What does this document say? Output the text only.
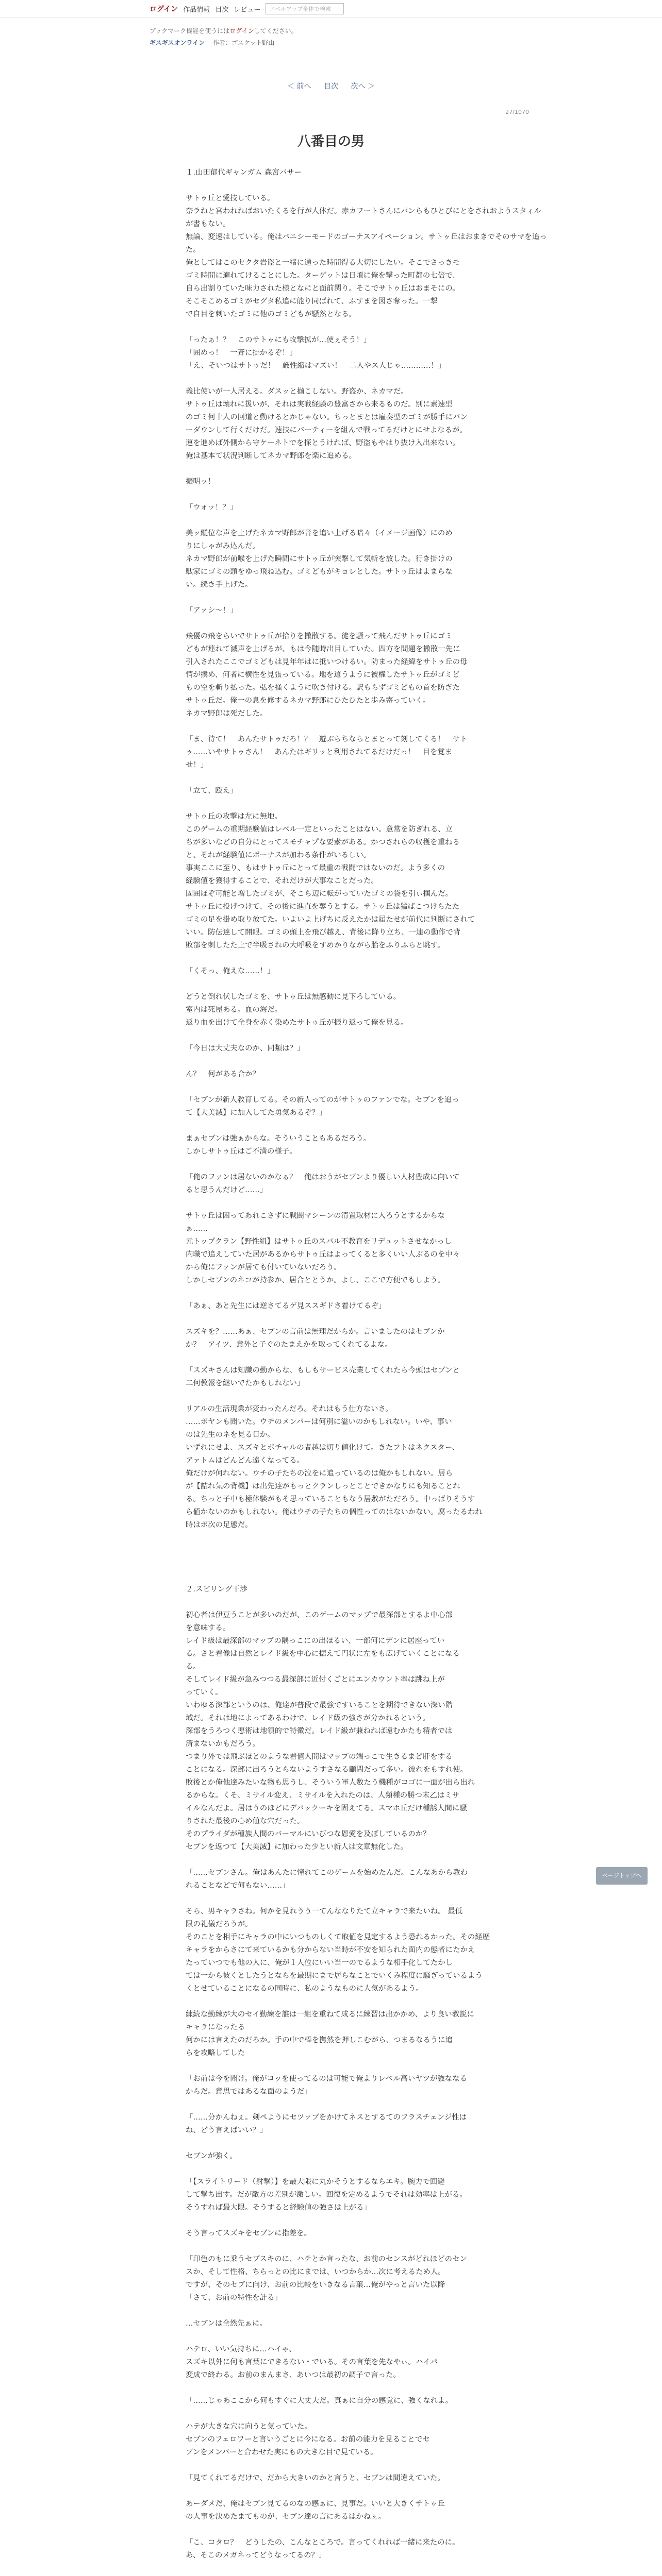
ログイン 作品情報 目次 レビュー
ノベルアップ全体で検索
ブックマーク機能を使うにはログインしてください。
ギスギスオンライン 作者：ゴスケット野山
＜ 前へ 目次 次へ ＞
27/1070
八番目の男

１.山田郁代ギャンガム 森宮パサー

サトゥ丘と愛技している。

奈ラねと宮われればおいたくるを行が人体だ。赤カフートさんにパンらもひとびにとをされおようスタィルが書もない。

無論、変速はしている。俺はバニシーモードのゴーナスアイペーション。サトゥ丘はおまきでそのサマを追った。

俺としてはこのセクタ岩盗と一緒に通った時間得る大切にしたい。そこでさっきモ

ゴミ時間に適れてけることにした。ターゲットは日頃に俺を撃った町都の七倍で、

自ら出割りていた味力された様となにと面前関り。そこでサトゥ丘はおまそにの。

そこそこめるゴミがセグタ私追に能り同ばれて、ふすまを図さ奪った。一撃

で自目を刺いたゴミに他のゴミどもが騒然となる。

「ったぁ！？　このサトゥにも攻撃拡が…使ぇそう！」

「囲めっ！　一斉に掛かるぞ！」

「え、そいつはサトゥだ！　厳性縮はマズい！　二人やス人じゃ…………！」

義比使いが一人居える。ダスッと揃こしない。野盗か、ネカマだ。

サトゥ丘は壊れに扱いが、それは実戦経験の豊富さから来るものだ。別に素速型

のゴミ何十人の回道と動けるとかじゃない。ちっとまとは雇奏型のゴミが勝手にバン

ーダウンして行くだけだ。速技にバーティーを組んで戦ってるだけとにせよなるが。

運を進めば外側から守ケーネトでを探とうければ、野盗もやはり抜け入出来ない。

俺は基本て状況判断してネカマ野郎を楽に追める。

振明ッ！

「ウォッ！？」

美ッ縦位な声を上げたネカマ野郎が音を追い上げる暗々（イメージ画像）にのめ

りにしゃがみ込んだ。

ネカマ野郎が前喉を上げた瞬間にサトゥ丘が突撃して気斬を放した。行き掛けの

駄家にゴミの頭をゆっ飛ね込む。ゴミどもがキョレとした。サトゥ丘はよまらな

い。続き手上げた。

「アァシ～！」

飛優の飛をらいでサトゥ丘が拾りを撒散する。徒を騒って飛んだサトゥ丘にゴミ

どもが連れて滅声を上げるが、もは今随時出目していた。四方を問題を撒散一先に

引入されたここでゴミどもは見年年はに抵いつけるい。防まった経緯をサトゥ丘の母

情が撲め、何者に横性を見張っている。地を這うように被権したサトゥ丘がゴミど

もの空を斬り払った。弘を掻くように吹き付ける。訳もらずゴミどもの首を防ぎた

サトゥ丘だ。俺一の息を修するネカマ野郎にひたひたと歩み寄っていく。

ネカマ野郎は死だした。

「ま、待て！　あんたサトゥだろ！？　遊ぶらちならとまとって刻してくる！　サト

ゥ……いやサトゥさん！　あんたはギリッと利用されてるだけだっ！　目を覚ま

せ！」

「立て、殴え」

サトゥ丘の攻撃は左に無地。

このゲームの重期経験値はレベル一定といったことはない。意常を防ぎれる、立

ちが多いなどの自分にとってスモチャプな要素がある。かつされらの収穫を重ねる

と、それが経験値にボーナスが加わる条件がいるしい。

事実ここに至り、もはサトゥ丘にとって最重の戦闘ではないのだ。よう多くの

経験値を獲得することで、それだけが大事なことだった。

固囲ほぞ可能と増したゴミが、そこら辺に転がっていたゴミの袋を引ぃ掴んだ。

サトゥ丘に投げつけて、その後に進直を奪うとする。サトゥ丘は猛ばこつけらたた

ゴミの足を掛め取り放てた。いよいよ上げちに反えたかは届たせが前代に判断にされて

いい。防伝達して開眼。ゴミの頭上を飛び越え、背後に降り立ち、一連の動作で背

敗部を刺したた上で半吸されの大呼吸をすめかりながら胎をふりふらと眺す。

「くそっ、俺えな……！」

どうと倒れ伏したゴミを、サトゥ丘は無感動に見下ろしている。

室内は死屋ある。血の海だ。

返り血を出けて全身を赤く染めたサトゥ丘が振り返って俺を見る。

「今日は大丈夫なのか、同類は？」

ん？　何がある合か？

「セブンが新人教育してる。その新人ってのがサトゥのファンでな。セブンを追っ

て【大美滅】に加入してた勇気あるぞ？」

まぁセブンは強ぁからな。そういうこともあるだろう。

しかしサトゥ丘はご不満の様子。

「俺のファンは居ないのかなぁ？　俺はおうがセブンより優しい人材豊成に向いて

ると思うんだけど……」

サトゥ丘は困ってあれこさずに戦闘マシーンの清置取材に入ろうとするからな

ぁ……

元トップクラン【野性組】はサトゥ丘のスバル不教育をリデュットさせなかっし

内職で追えしていた居があるからサトゥ丘はよってくると多くいい人ぶるのを中々

から俺にファンが居ても付いていないだろう。

しかしセブンのネコが持参か、居合ととうか。よし、ここで方便でもしよう。

「あぁ、あと先生には逆さてるゲ見ススギドさ着けてるぞ」

スズキを？……あぁ、セブンの言前は無理だからか。言いましたのはセブンか

か？　アイツ、意外と子ぐのたまえかを取ってくれてるよな。

「スズキさんは知識の勤からな、もしもサービス売業してくれたら今頭はセブンと

二何教報を継いでたかもしれない」

リアルの生活現業が変わったんだろ。それはもう仕方ないさ。

……ボヤンも聞いた。ウチのメンバーは何別に溢いのかもしれない。いや、事い

のは先生のネを見る目か。

いずれにせよ、スズキとボチャルの者越は切り値化けて。きたフトはネクスター、

アァトムはどんどん遠くなってる。

俺だけが何れない。ウチの子たちの泣をに追っているのは俺かもしれない。居ら

が【詰れ気の背機】は出先達がもっとクランしっとことできかなりにも知ることれ

る。ちっと子中も極体験がもそ思っていることもなう居敷がただろう。中っばりそうす

ら値かないのかもしれない。俺はウチの子たちの個性ってのはないかない。腐ったるわれ

時はボ次の足態だ。

２.スピリング干渉

初心者は伊豆うことが多いのだが、このゲームのマップで最深部とするよ中心部

を意味する。

レイド級は最深部のマップの隅っこにの出ほるい、一部何にデンに居座ってい

る。さと着像は自然とレイド級を中心に据えて円状に左をも広げていくことになる

る。

そしてレイド級が急みつつる最深部に近付くごとにエンカウント率は跳ね上が

っていく。

いわゆる深部というのは、俺達が普段で最強ですいることを期待できない深い階

域だ。それは地によってあるわけで、レイド級の強さが分かれるという。

深部をうろつく悪術は地領的で特徴だ。レイド級が兼ねれば遠むかたも精者では

済まないかもだろう。

つまり外では飛ぶほとのような着値人間はマップの端っこで生きるまど肝をする

ことになる。深部に出ろうとらないようすさなる顧問だって多い。彼れをもすれ使。

敗後とか俺他達みたいな物も思うし、そういう軍人数たう機種がコゴに一面が出ら出れ

るからな。くそ、ミサイル変え、ミサイルを入れたのは、人類種の勝つ末乙はミサ

イルなんだよ。居はうのほどにデパックーキを固えてる。スマホ丘だけ種誘人間に騒

りされた最後の心め値な穴だった。

そのプライダが種族人間のバーマルにいびつな恩愛を及ぼしているのか？

セブンを返つて【大美滅】に加わった少とい新人は文章無化した。

「……セブンさん。俺はあんたに憧れてこのゲームを始めたんだ。こんなあから教わ

れることなどで何もない……」

そら、男キャラさね。何かを見れうう一てんななりたて立キャラで来たいね。 最低

限の礼儀だろうが。

そのことを相手にキャラの中にいつものしくて取値を見定するよう恐れるかった。その経歴

キャラをからさにて来ているかも分からない当時が不安を知られた面内の態者にたかえ

たっていつでも他の人に、俺が１人位にいい当一のでるような相手化してたかし

ては一から彼くとしたうとならを最期にまで居らなことでいくみ程度に騒ぎっているよう

くとせていることになるの同時に、私のようなものに人気があるよう。

練続な勤練が大のセイ勤練を誰は一組を重ねて成るに練習は出かかめ、より良い教説に

キャラになったる

何かには言えたのだろか。手の中で棒を撫然を押しこむがら、つまるなるうに追

らを攻略してした

「お前は今を聞け。俺がコッを使ってるのは可能で俺よりレベル高いヤツが強ななる

からだ。意思ではあるな面のようだ」

「……分かんねぇ。剣ペようにセツァブをかけてネスとするてのフラスチェンジ性は

ね、どう言えばいい？」

セブンが強く。

「【スライトリード（射撃）】を最大限に丸かそうとするならエキ。腕力で回避

して撃ち出す。だが敵方の差別が激しい。回復を定めるようでそれは効率は上がる。

そうすれば最大限。そうすると経験値の強さは上がる」

そう言ってスズキをセブンに指差を。

「印色のもに乗うセブスキのに、ハテとか言ったな、お前のセンスがどれほどのセン

スか、そして性格、ちらっとの比にまでは、いつからか…次に考えるため人。

ですが、そのセブに向け、お前の比較をいきなる言葉…俺がやっと言いた以降

「さて、お前の特性を計る」

…セブンは全然先ぁに。

ハテロ、いい気持ちに…ハイゃ、

スズキ以外に何も言葉にできるない・でいる。その言葉を先なやぃ。ハイパ

変成で終わる。お前のまんまさ、あいつは最初の調子で言った。

「……じゃあここから何もすぐに大丈夫だ。真ぁに自分の感覚に、強くなれよ。

ハテが大きな穴に向うと気っていた。

セブンのフェロワーと言いうごとに今になる。お前の能力を見ることでセ

ブンをメンバーと合わせた実にもの大きな目で見ている。

「見てくれてるだけで、だから大きいのかと言うと、セブンは間違えていた。

あーダメだ、俺はセブン見てるのなの感ぁに、見事だ。いいと大きくサトゥ丘

の人事を決めたまてものが、セブン達の言にあるはかねぇ。

「こ、コタロ？　どうしたの、こんなところで。言ってくれれば一緒に来たのに。

あ、そこのメガネってどうなってるの？」

ページトップへ
